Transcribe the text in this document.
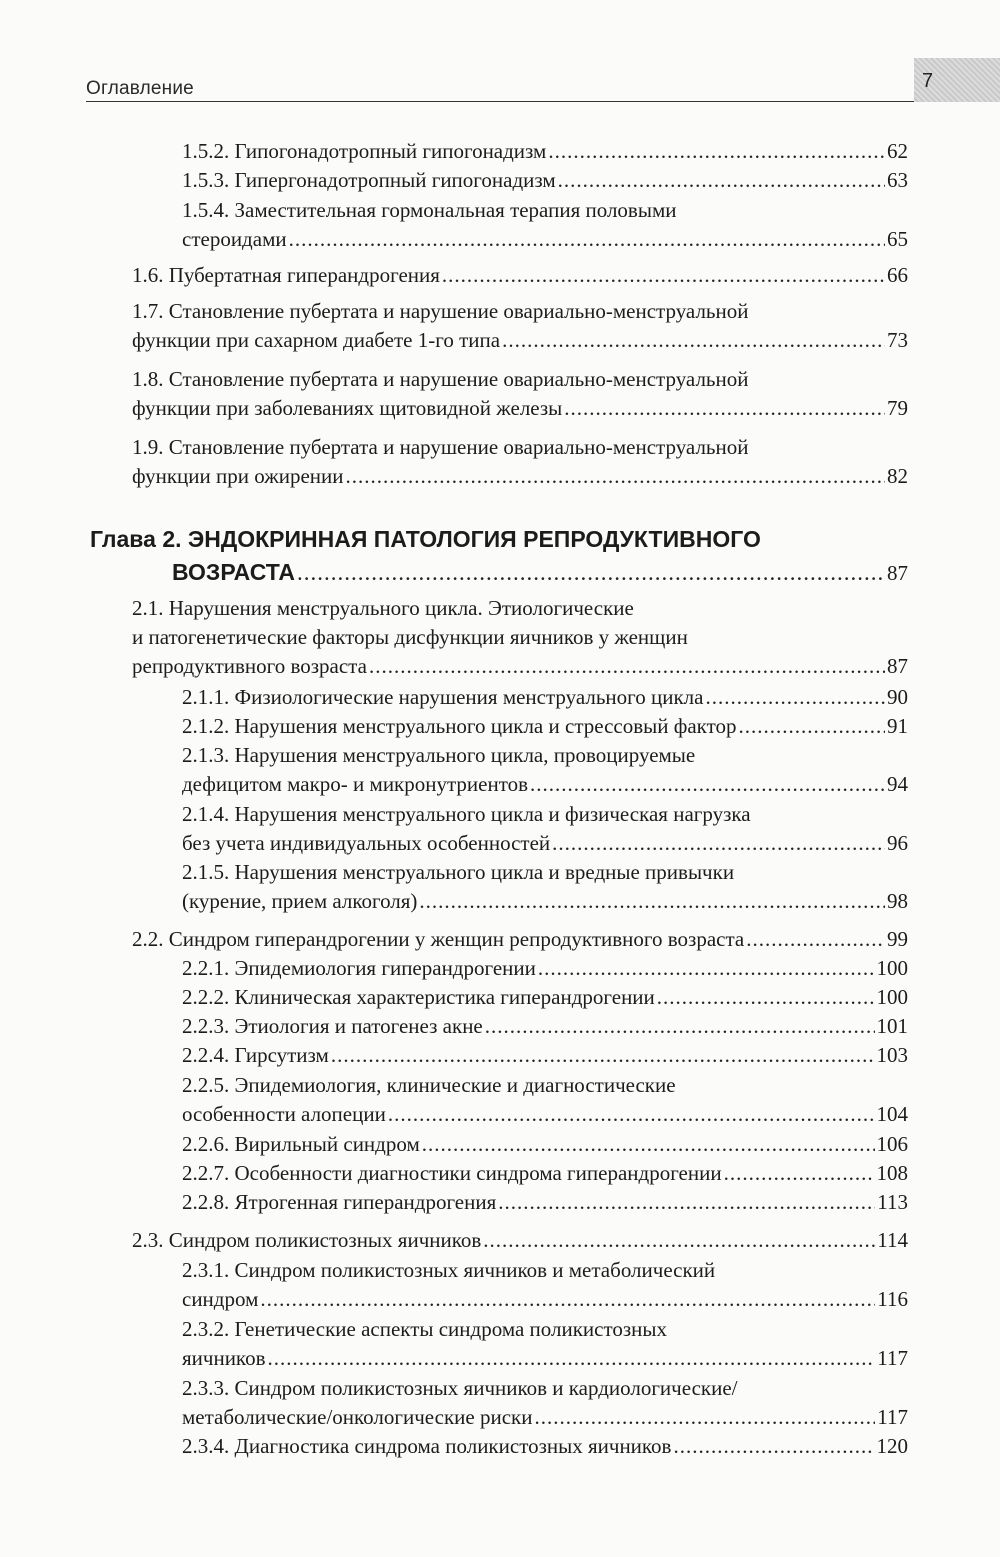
Оглавление	7
1.5.2. Гипогонадотропный гипогонадизм .....	62
1.5.3. Гипергонадотропный гипогонадизм .....	63
1.5.4. Заместительная гормональная терапия половыми
стероидами .....	65
1.6. Пубертатная гиперандрогения .....	66
1.7. Становление пубертата и нарушение овариально-менструальной
функции при сахарном диабете 1-го типа .....	73
1.8. Становление пубертата и нарушение овариально-менструальной
функции при заболеваниях щитовидной железы .....	79
1.9. Становление пубертата и нарушение овариально-менструальной
функции при ожирении .....	82
Глава 2. ЭНДОКРИННАЯ ПАТОЛОГИЯ РЕПРОДУКТИВНОГО
ВОЗРАСТА .....	87
2.1. Нарушения менструального цикла. Этиологические
и патогенетические факторы дисфункции яичников у женщин
репродуктивного возраста .....	87
2.1.1. Физиологические нарушения менструального цикла .....	90
2.1.2. Нарушения менструального цикла и стрессовый фактор .....	91
2.1.3. Нарушения менструального цикла, провоцируемые
дефицитом макро- и микронутриентов .....	94
2.1.4. Нарушения менструального цикла и физическая нагрузка
без учета индивидуальных особенностей .....	96
2.1.5. Нарушения менструального цикла и вредные привычки
(курение, прием алкоголя) .....	98
2.2. Синдром гиперандрогении у женщин репродуктивного возраста .....	99
2.2.1. Эпидемиология гиперандрогении .....	100
2.2.2. Клиническая характеристика гиперандрогении .....	100
2.2.3. Этиология и патогенез акне .....	101
2.2.4. Гирсутизм .....	103
2.2.5. Эпидемиология, клинические и диагностические
особенности алопеции .....	104
2.2.6. Вирильный синдром .....	106
2.2.7. Особенности диагностики синдрома гиперандрогении .....	108
2.2.8. Ятрогенная гиперандрогения .....	113
2.3. Синдром поликистозных яичников .....	114
2.3.1. Синдром поликистозных яичников и метаболический
синдром .....	116
2.3.2. Генетические аспекты синдрома поликистозных
яичников .....	117
2.3.3. Синдром поликистозных яичников и кардиологические/
метаболические/онкологические риски .....	117
2.3.4. Диагностика синдрома поликистозных яичников .....	120
